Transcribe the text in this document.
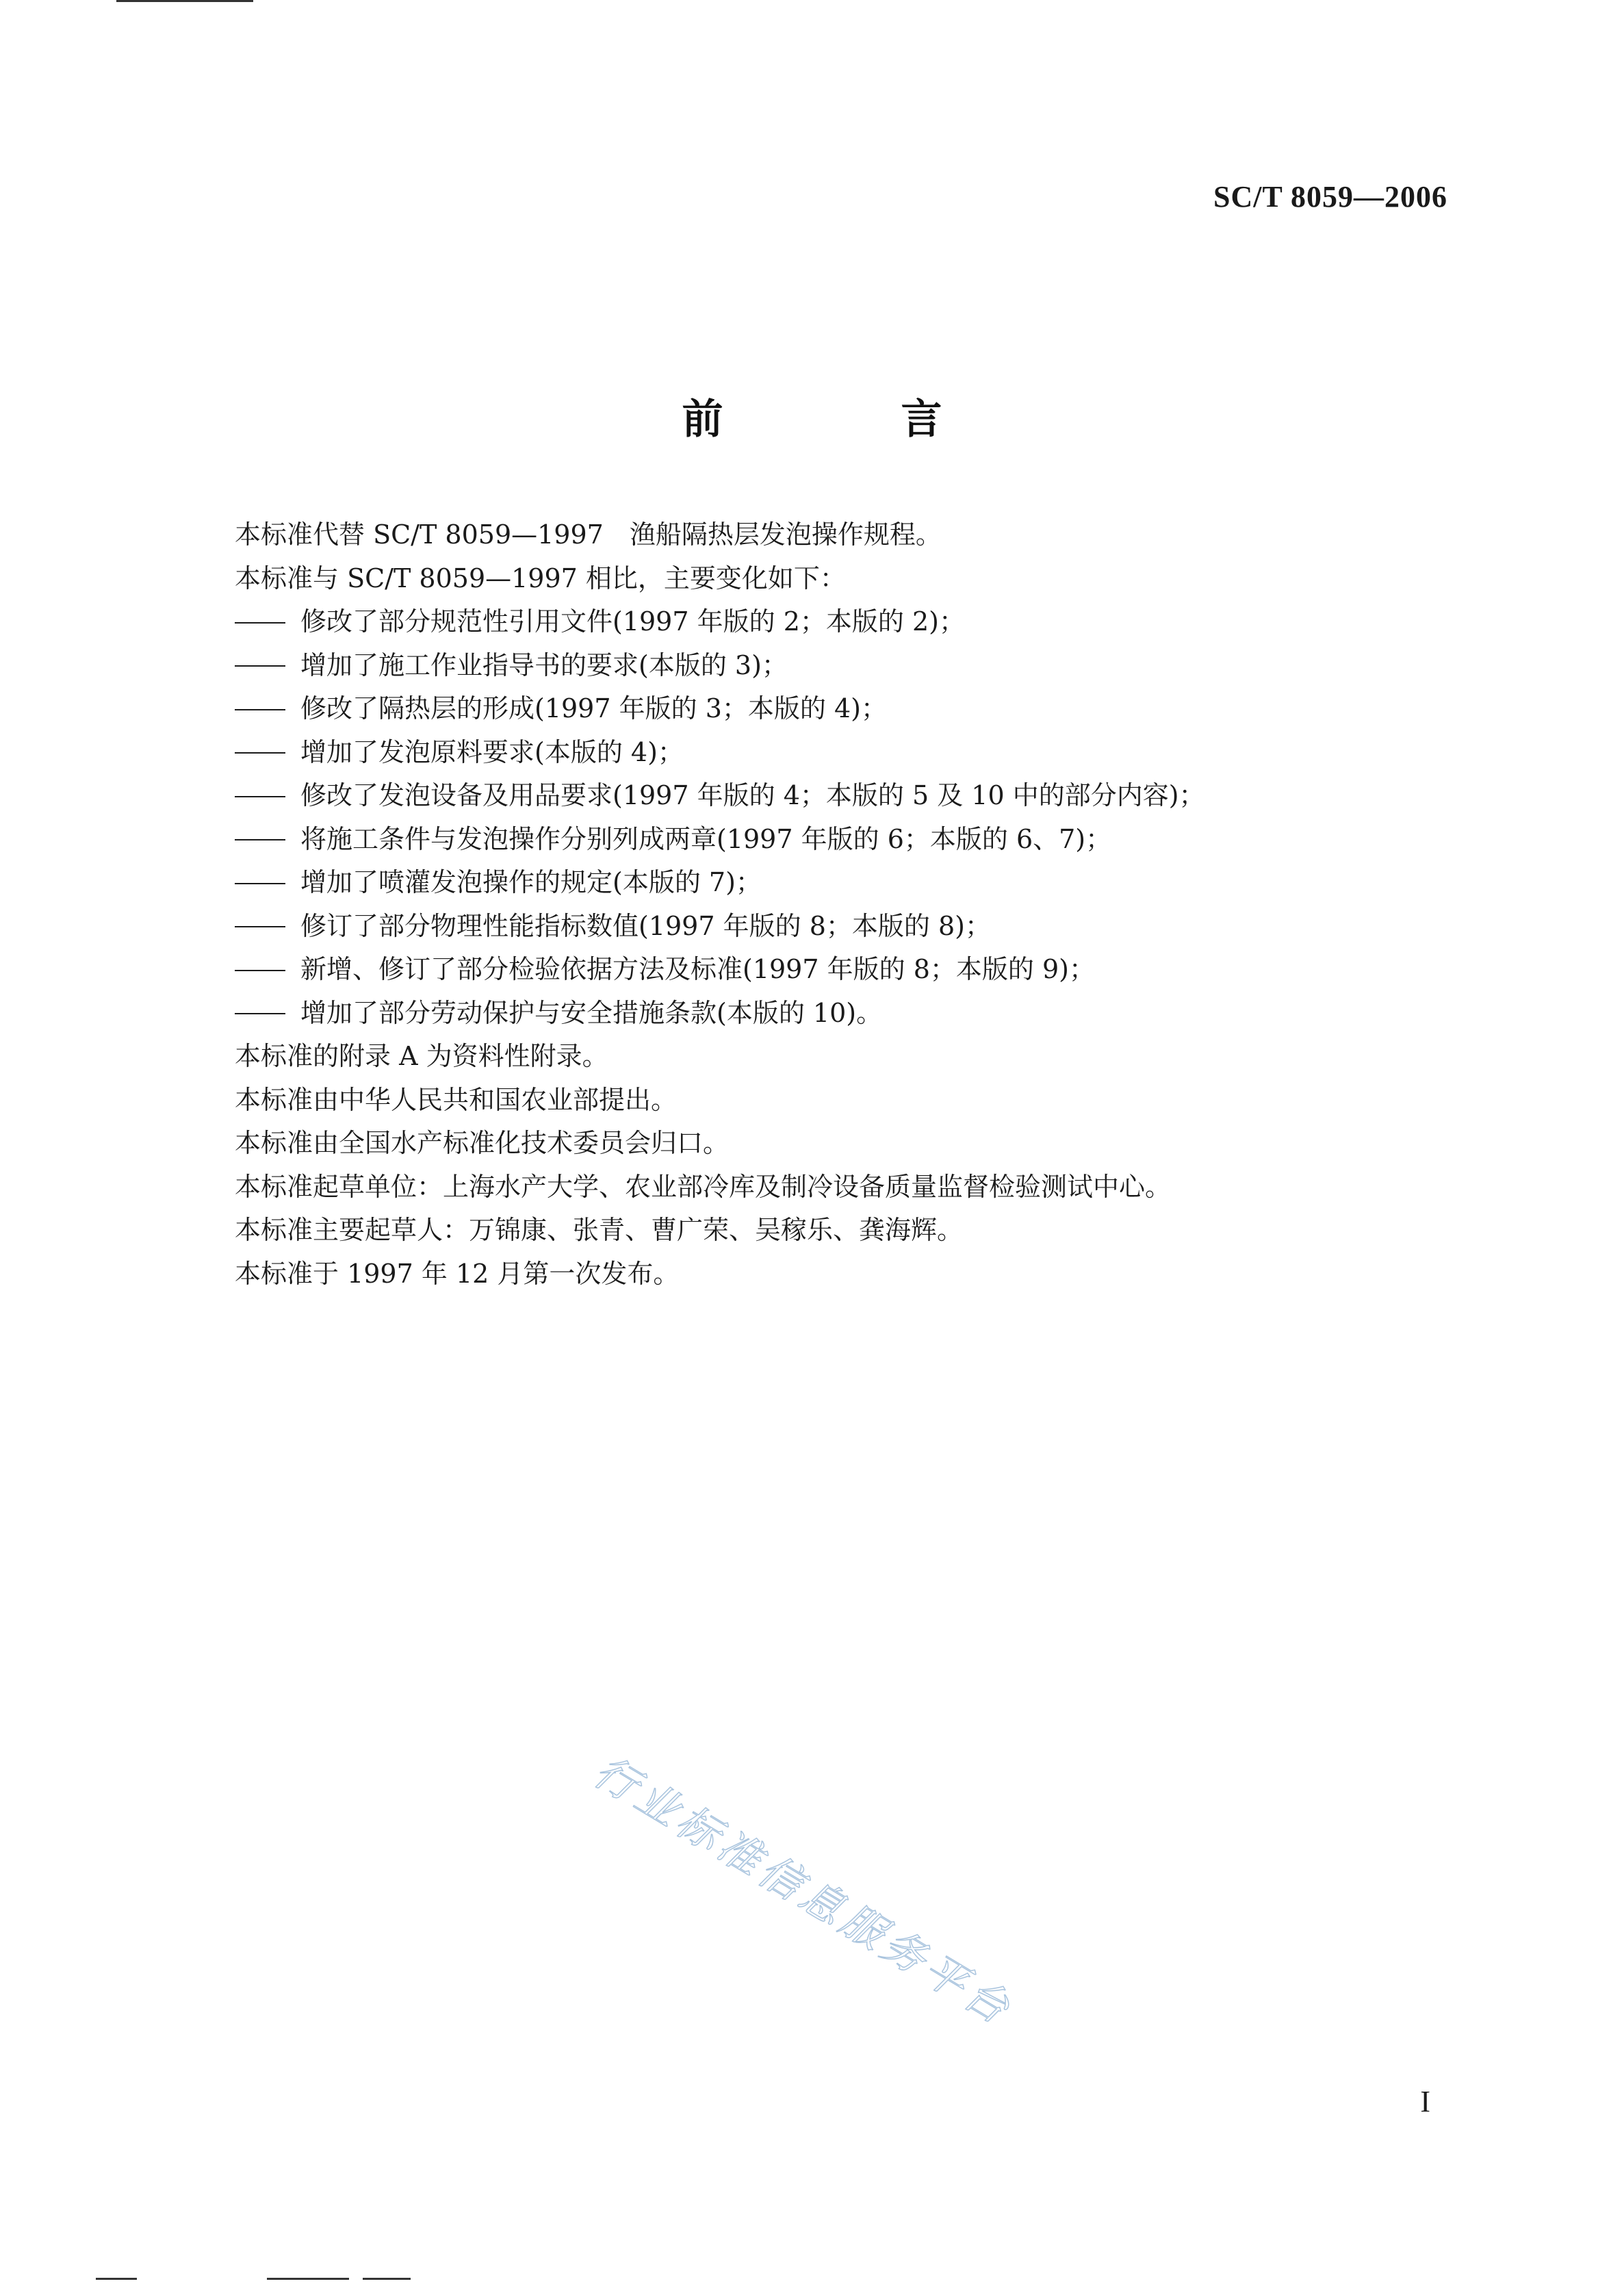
SC/T 8059—2006
前　言

本标准代替 SC/T 8059—1997　渔船隔热层发泡操作规程。

本标准与 SC/T 8059—1997 相比，主要变化如下：

修改了部分规范性引用文件(1997 年版的 2；本版的 2)；
增加了施工作业指导书的要求(本版的 3)；
修改了隔热层的形成(1997 年版的 3；本版的 4)；
增加了发泡原料要求(本版的 4)；
修改了发泡设备及用品要求(1997 年版的 4；本版的 5 及 10 中的部分内容)；
将施工条件与发泡操作分别列成两章(1997 年版的 6；本版的 6、7)；
增加了喷灌发泡操作的规定(本版的 7)；
修订了部分物理性能指标数值(1997 年版的 8；本版的 8)；
新增、修订了部分检验依据方法及标准(1997 年版的 8；本版的 9)；
增加了部分劳动保护与安全措施条款(本版的 10)。

本标准的附录 A 为资料性附录。

本标准由中华人民共和国农业部提出。

本标准由全国水产标准化技术委员会归口。

本标准起草单位：上海水产大学、农业部冷库及制冷设备质量监督检验测试中心。

本标准主要起草人：万锦康、张青、曹广荣、吴稼乐、龚海辉。

本标准于 1997 年 12 月第一次发布。

行业标准信息服务平台
I
